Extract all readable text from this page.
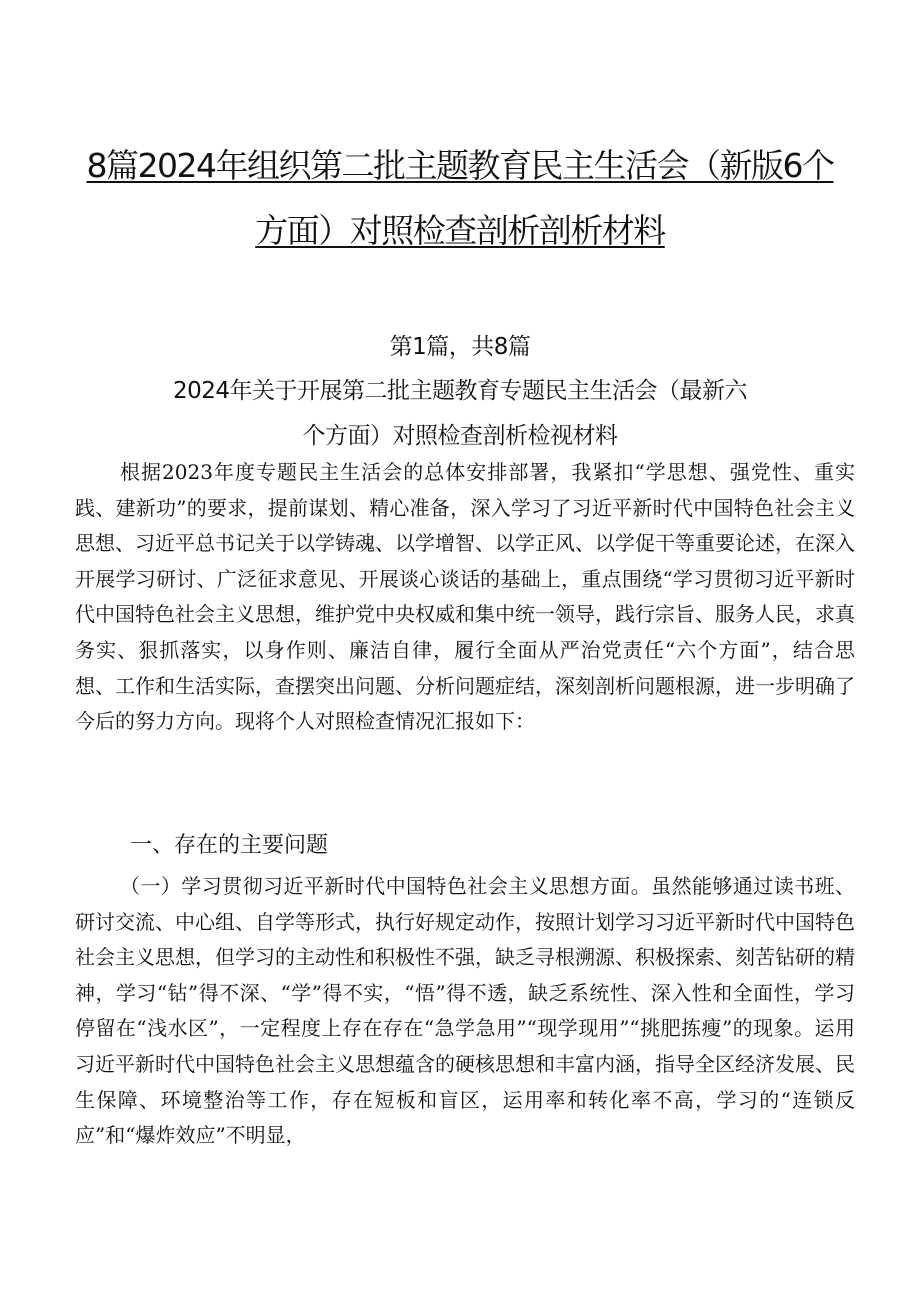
8篇2024年组织第二批主题教育民主生活会（新版6个
方面）对照检查剖析剖析材料
第1篇，共8篇
2024年关于开展第二批主题教育专题民主生活会（最新六
个方面）对照检查剖析检视材料

根据2023年度专题民主生活会的总体安排部署，我紧扣“学思想、强党性、重实践、建新功”的要求，提前谋划、精心准备，深入学习了习近平新时代中国特色社会主义思想、习近平总书记关于以学铸魂、以学增智、以学正风、以学促干等重要论述，在深入开展学习研讨、广泛征求意见、开展谈心谈话的基础上，重点围绕“学习贯彻习近平新时代中国特色社会主义思想，维护党中央权威和集中统一领导，践行宗旨、服务人民，求真务实、狠抓落实，以身作则、廉洁自律，履行全面从严治党责任“六个方面”，结合思想、工作和生活实际，查摆突出问题、分析问题症结，深刻剖析问题根源，进一步明确了今后的努力方向。现将个人对照检查情况汇报如下：

一、存在的主要问题

（一）学习贯彻习近平新时代中国特色社会主义思想方面。虽然能够通过读书班、研讨交流、中心组、自学等形式，执行好规定动作，按照计划学习习近平新时代中国特色社会主义思想，但学习的主动性和积极性不强，缺乏寻根溯源、积极探索、刻苦钻研的精神，学习“钻”得不深、“学”得不实，“悟”得不透，缺乏系统性、深入性和全面性，学习停留在“浅水区”，一定程度上存在存在“急学急用”“现学现用”“挑肥拣瘦”的现象。运用习近平新时代中国特色社会主义思想蕴含的硬核思想和丰富内涵，指导全区经济发展、民生保障、环境整治等工作，存在短板和盲区，运用率和转化率不高，学习的“连锁反应”和“爆炸效应”不明显，
